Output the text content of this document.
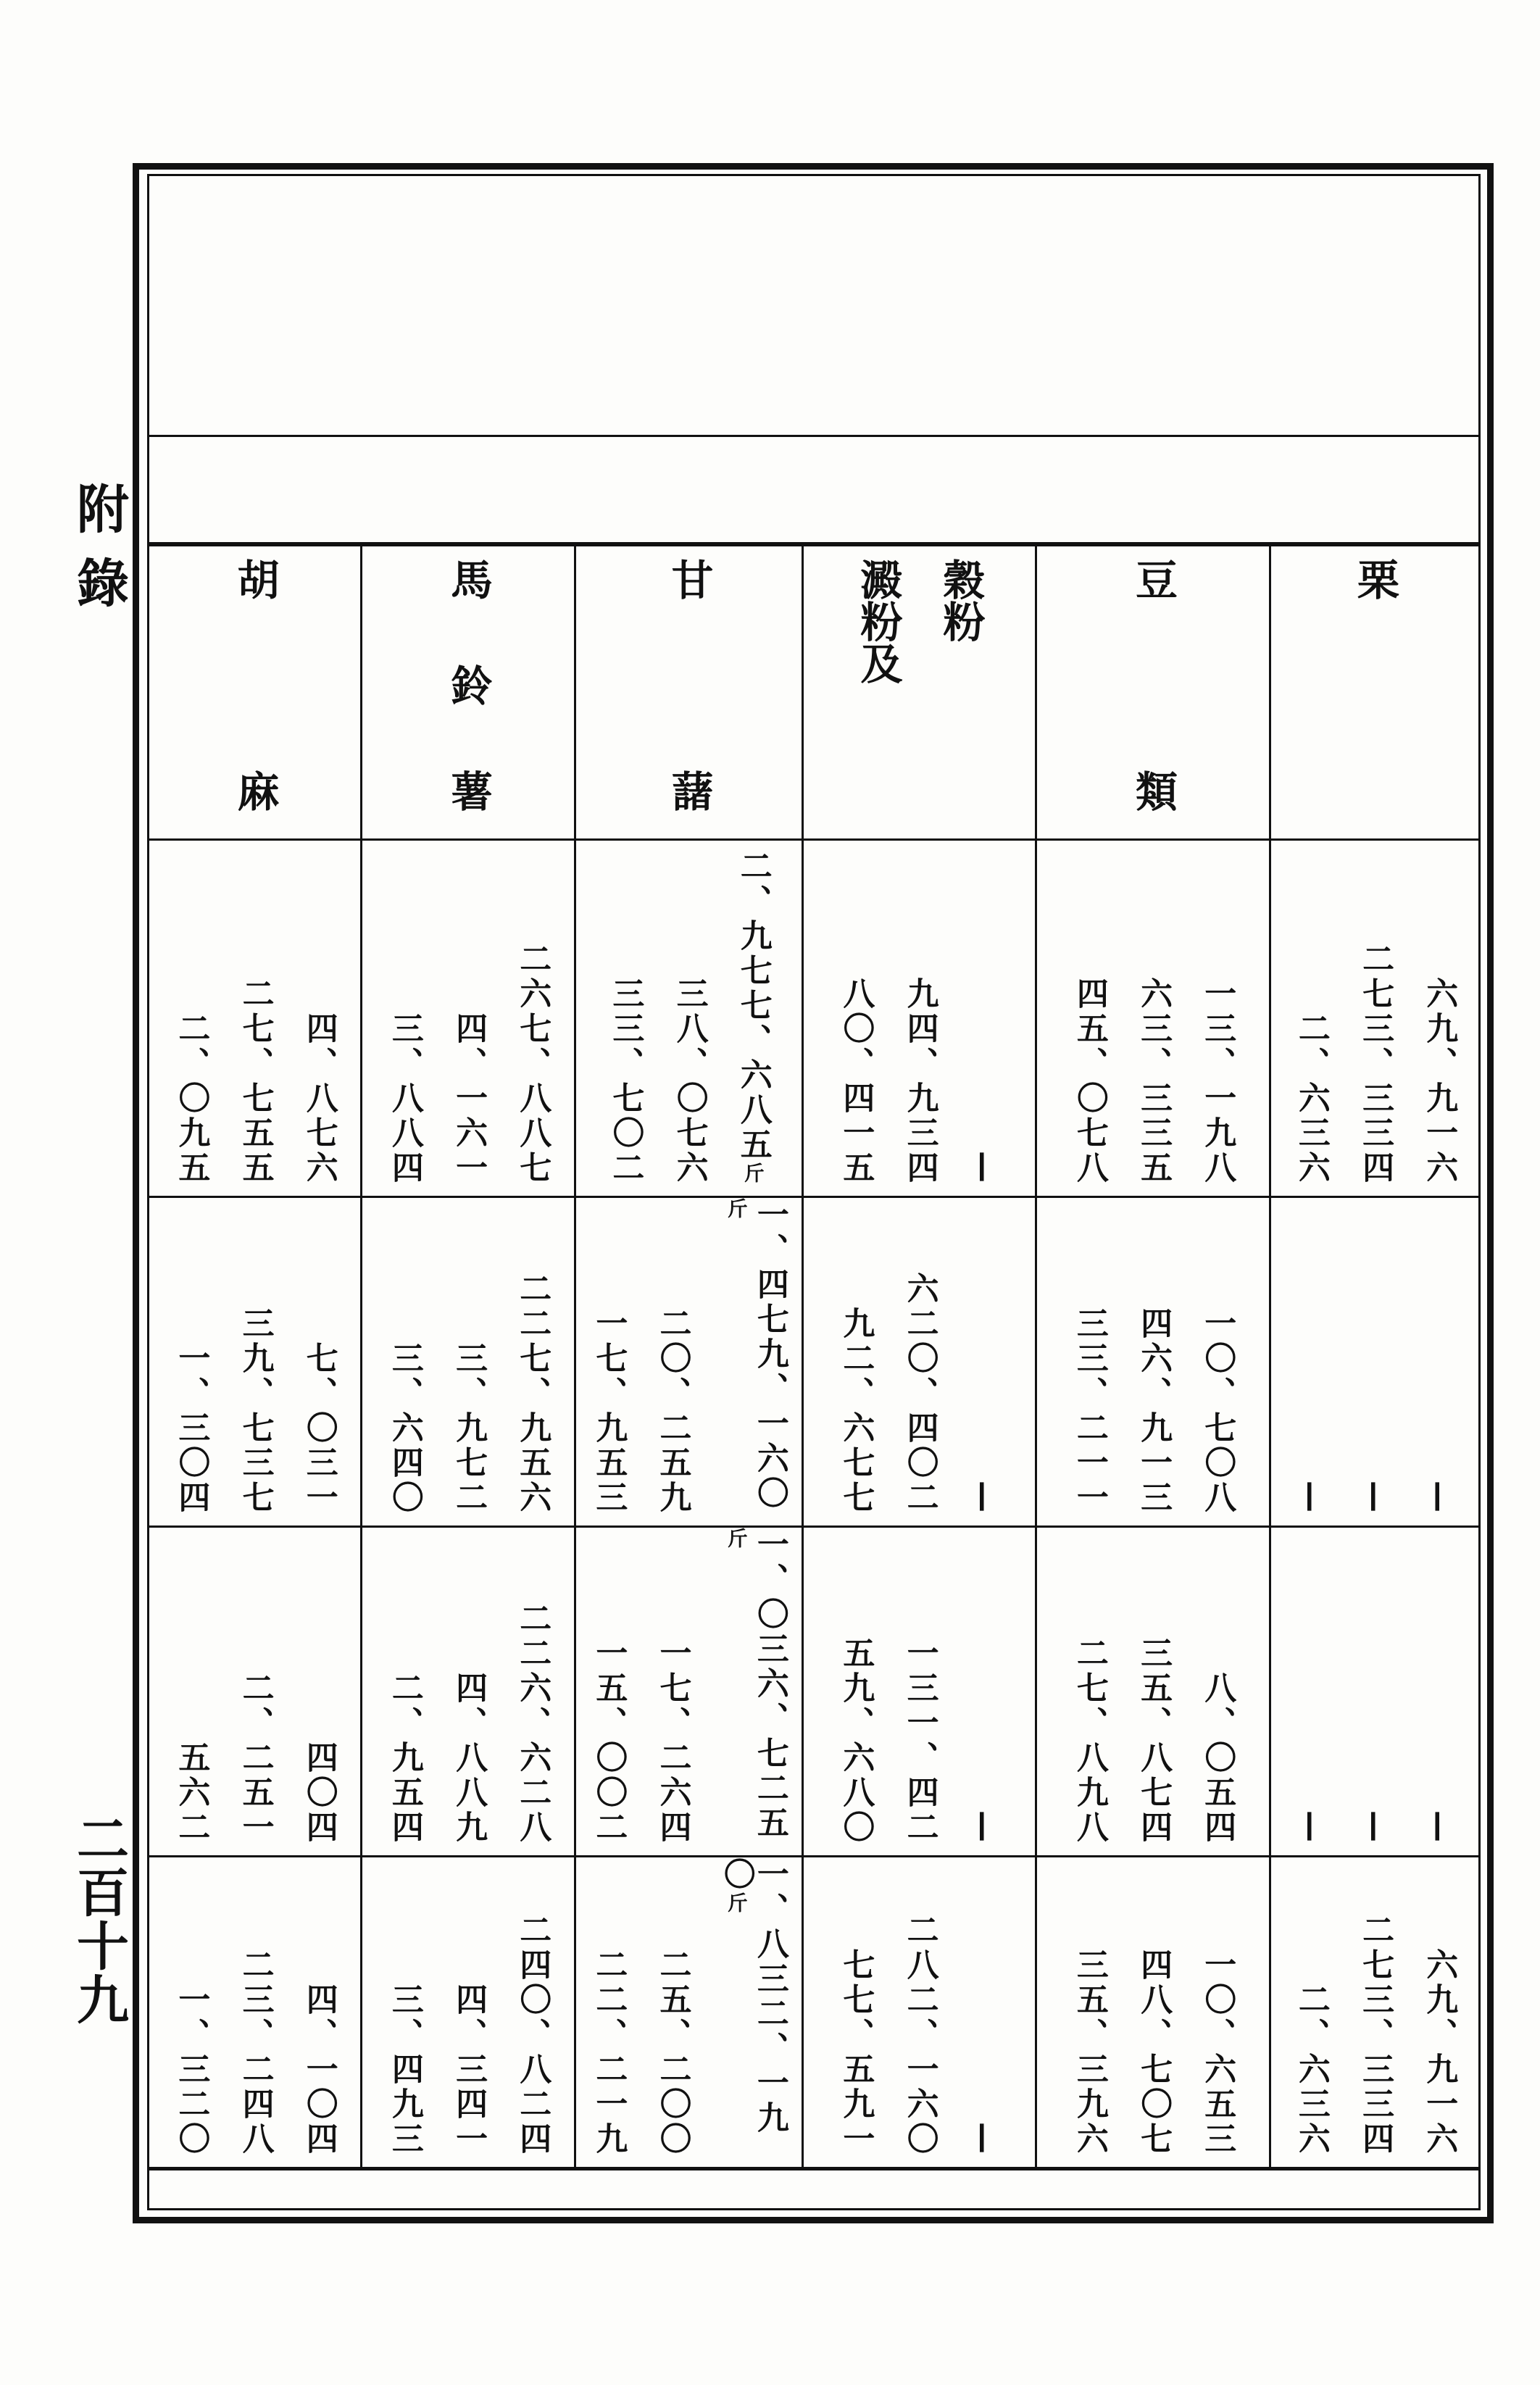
附錄
二百十九
栗
六九、九一六
二七三、三三四
二、六三六
—
—
—
—
—
—
六九、九一六
二七三、三三四
二、六三六
豆
類
一三、一九八
六三、三三五
四五、〇七八
一〇、七〇八
四六、九一三
三三、二一一
八、〇五四
三五、八七四
二七、八九八
一〇、六五三
四八、七〇七
三五、三九六
穀粉
澱粉及
—
九四、九三四
八〇、四一五
—
六二〇、四〇二
九二、六七七
—
一三一、四二
五九、六八〇
—
二八二、一六〇
七七、五九一
甘
藷
二、九七七、六八五斤
三八、〇七六
三三、七〇二
一、四七九、一六〇斤
二〇、二五九
一七、九五三
一、〇三六、七二五斤
一七、二六四
一五、〇〇二
一、八三二、一九〇斤
二五、二〇〇
二二、二一九
馬
鈴
薯
二六七、八八七
四、一六一
三、八八四
二二七、九五六
三、九七二
三、六四〇
二二六、六二八
四、八八九
二、九五四
二四〇、八二四
四、三四一
三、四九三
胡
麻
四、八七六
二七、七五五
二、〇九五
七、〇三一
三九、七三七
一、三〇四
四〇四
二、二五一
五六二
四、一〇四
二三、二四八
一、三二〇
